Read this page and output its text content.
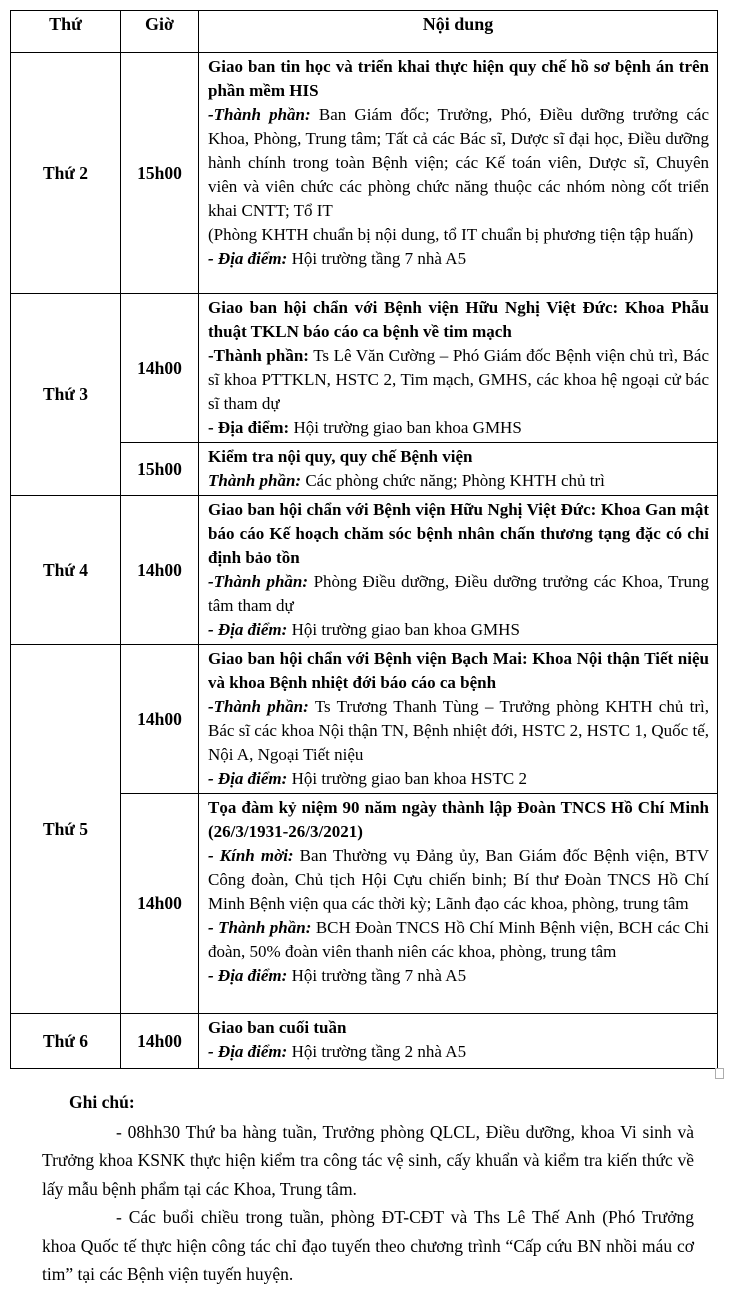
Thứ	Giờ	Nội dung
Thứ 2	15h00	Giao ban tin học và triển khai thực hiện quy chế hồ sơ bệnh án trên phần mềm HIS

-Thành phần: Ban Giám đốc; Trưởng, Phó, Điều dưỡng trưởng các Khoa, Phòng, Trung tâm; Tất cả các Bác sĩ, Dược sĩ đại học, Điều dưỡng hành chính trong toàn Bệnh viện; các Kế toán viên, Dược sĩ, Chuyên viên và viên chức các phòng chức năng thuộc các nhóm nòng cốt triển khai CNTT; Tổ IT

(Phòng KHTH chuẩn bị nội dung, tổ IT chuẩn bị phương tiện tập huấn)

- Địa điểm: Hội trường tầng 7 nhà A5

Thứ 3	14h00	Giao ban hội chẩn với Bệnh viện Hữu Nghị Việt Đức: Khoa Phẫu thuật TKLN báo cáo ca bệnh về tim mạch

-Thành phần: Ts Lê Văn Cường – Phó Giám đốc Bệnh viện chủ trì, Bác sĩ khoa PTTKLN, HSTC 2, Tim mạch, GMHS, các khoa hệ ngoại cử bác sĩ tham dự

- Địa điểm: Hội trường giao ban khoa GMHS

	15h00	Kiểm tra nội quy, quy chế Bệnh viện

Thành phần: Các phòng chức năng; Phòng KHTH chủ trì

Thứ 4	14h00	Giao ban hội chẩn với Bệnh viện Hữu Nghị Việt Đức: Khoa Gan mật báo cáo Kế hoạch chăm sóc bệnh nhân chấn thương tạng đặc có chỉ định bảo tồn

-Thành phần: Phòng Điều dưỡng, Điều dưỡng trưởng các Khoa, Trung tâm tham dự

- Địa điểm: Hội trường giao ban khoa GMHS

Thứ 5	14h00	Giao ban hội chẩn với Bệnh viện Bạch Mai: Khoa Nội thận Tiết niệu và khoa Bệnh nhiệt đới báo cáo ca bệnh

-Thành phần: Ts Trương Thanh Tùng – Trưởng phòng KHTH chủ trì, Bác sĩ các khoa Nội thận TN, Bệnh nhiệt đới, HSTC 2, HSTC 1, Quốc tế, Nội A, Ngoại Tiết niệu

- Địa điểm: Hội trường giao ban khoa HSTC 2

	14h00	Tọa đàm kỷ niệm 90 năm ngày thành lập Đoàn TNCS Hồ Chí Minh (26/3/1931-26/3/2021)

- Kính mời: Ban Thường vụ Đảng ủy, Ban Giám đốc Bệnh viện, BTV Công đoàn, Chủ tịch Hội Cựu chiến binh; Bí thư Đoàn TNCS Hồ Chí Minh Bệnh viện qua các thời kỳ; Lãnh đạo các khoa, phòng, trung tâm

- Thành phần: BCH Đoàn TNCS Hồ Chí Minh Bệnh viện, BCH các Chi đoàn, 50% đoàn viên thanh niên các khoa, phòng, trung tâm

- Địa điểm: Hội trường tầng 7 nhà A5

Thứ 6	14h00	Giao ban cuối tuần

- Địa điểm: Hội trường tầng 2 nhà A5

Ghi chú:

- 08hh30 Thứ ba hàng tuần, Trưởng phòng QLCL, Điều dưỡng, khoa Vi sinh và Trưởng khoa KSNK thực hiện kiểm tra công tác vệ sinh, cấy khuẩn và kiểm tra kiến thức về lấy mẫu bệnh phẩm tại các Khoa, Trung tâm.

- Các buổi chiều trong tuần, phòng ĐT-CĐT và Ths Lê Thế Anh (Phó Trưởng khoa Quốc tế thực hiện công tác chỉ đạo tuyến theo chương trình “Cấp cứu BN nhồi máu cơ tim” tại các Bệnh viện tuyến huyện.
